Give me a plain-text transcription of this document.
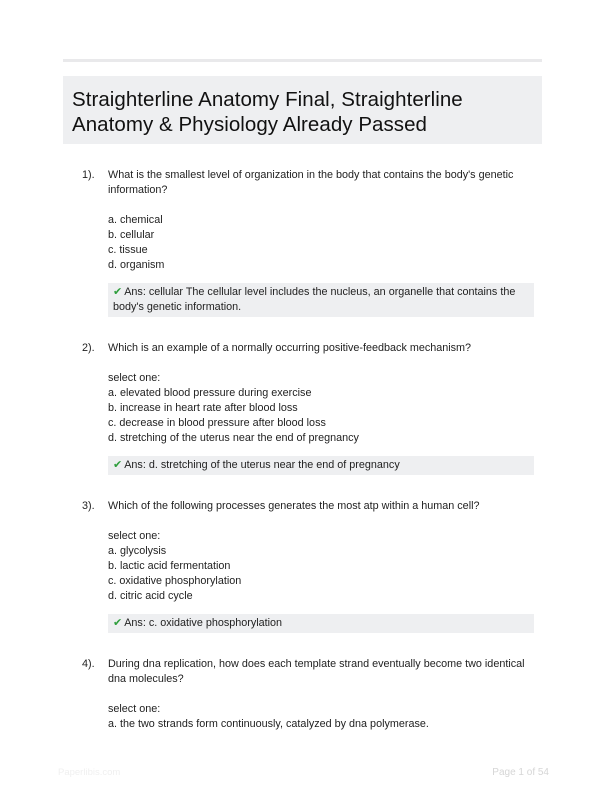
Straighterline Anatomy Final, Straighterline Anatomy & Physiology Already Passed
1). What is the smallest level of organization in the body that contains the body's genetic information?

a. chemical
b. cellular
c. tissue
d. organism
✔ Ans: cellular The cellular level includes the nucleus, an organelle that contains the body's genetic information.
2). Which is an example of a normally occurring positive-feedback mechanism?

select one:
a. elevated blood pressure during exercise
b. increase in heart rate after blood loss
c. decrease in blood pressure after blood loss
d. stretching of the uterus near the end of pregnancy
✔ Ans: d. stretching of the uterus near the end of pregnancy
3). Which of the following processes generates the most atp within a human cell?

select one:
a. glycolysis
b. lactic acid fermentation
c. oxidative phosphorylation
d. citric acid cycle
✔ Ans: c. oxidative phosphorylation
4). During dna replication, how does each template strand eventually become two identical dna molecules?

select one:
a. the two strands form continuously, catalyzed by dna polymerase.
Paperlibis.com	Page 1 of 54
